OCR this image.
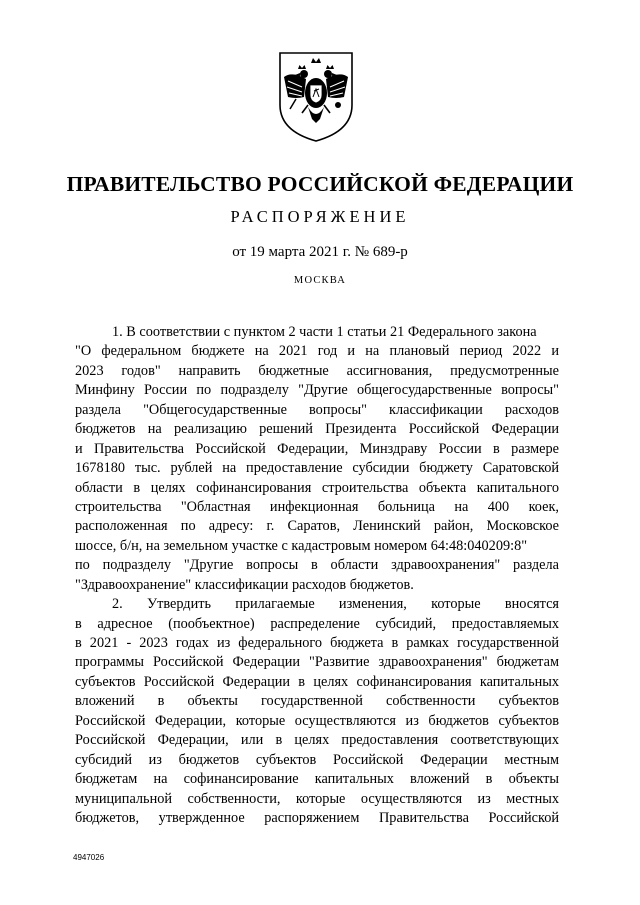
ПРАВИТЕЛЬСТВО РОССИЙСКОЙ ФЕДЕРАЦИИ
РАСПОРЯЖЕНИЕ
от 19 марта 2021 г. № 689-р
МОСКВА
1. В соответствии с пунктом 2 части 1 статьи 21 Федерального закона
"О федеральном бюджете на 2021 год и на плановый период 2022 и
2023 годов" направить бюджетные ассигнования, предусмотренные
Минфину России по подразделу "Другие общегосударственные вопросы"
раздела "Общегосударственные вопросы" классификации расходов
бюджетов на реализацию решений Президента Российской Федерации
и Правительства Российской Федерации, Минздраву России в размере
1678180 тыс. рублей на предоставление субсидии бюджету Саратовской
области в целях софинансирования строительства объекта капитального
строительства "Областная инфекционная больница на 400 коек,
расположенная по адресу: г. Саратов, Ленинский район, Московское
шоссе, б/н, на земельном участке с кадастровым номером 64:48:040209:8"
по подразделу "Другие вопросы в области здравоохранения" раздела
"Здравоохранение" классификации расходов бюджетов.
2. Утвердить прилагаемые изменения, которые вносятся
в адресное (пообъектное) распределение субсидий, предоставляемых
в 2021 - 2023 годах из федерального бюджета в рамках государственной
программы Российской Федерации "Развитие здравоохранения" бюджетам
субъектов Российской Федерации в целях софинансирования капитальных
вложений в объекты государственной собственности субъектов
Российской Федерации, которые осуществляются из бюджетов субъектов
Российской Федерации, или в целях предоставления соответствующих
субсидий из бюджетов субъектов Российской Федерации местным
бюджетам на софинансирование капитальных вложений в объекты
муниципальной собственности, которые осуществляются из местных
бюджетов, утвержденное распоряжением Правительства Российской
4947026
